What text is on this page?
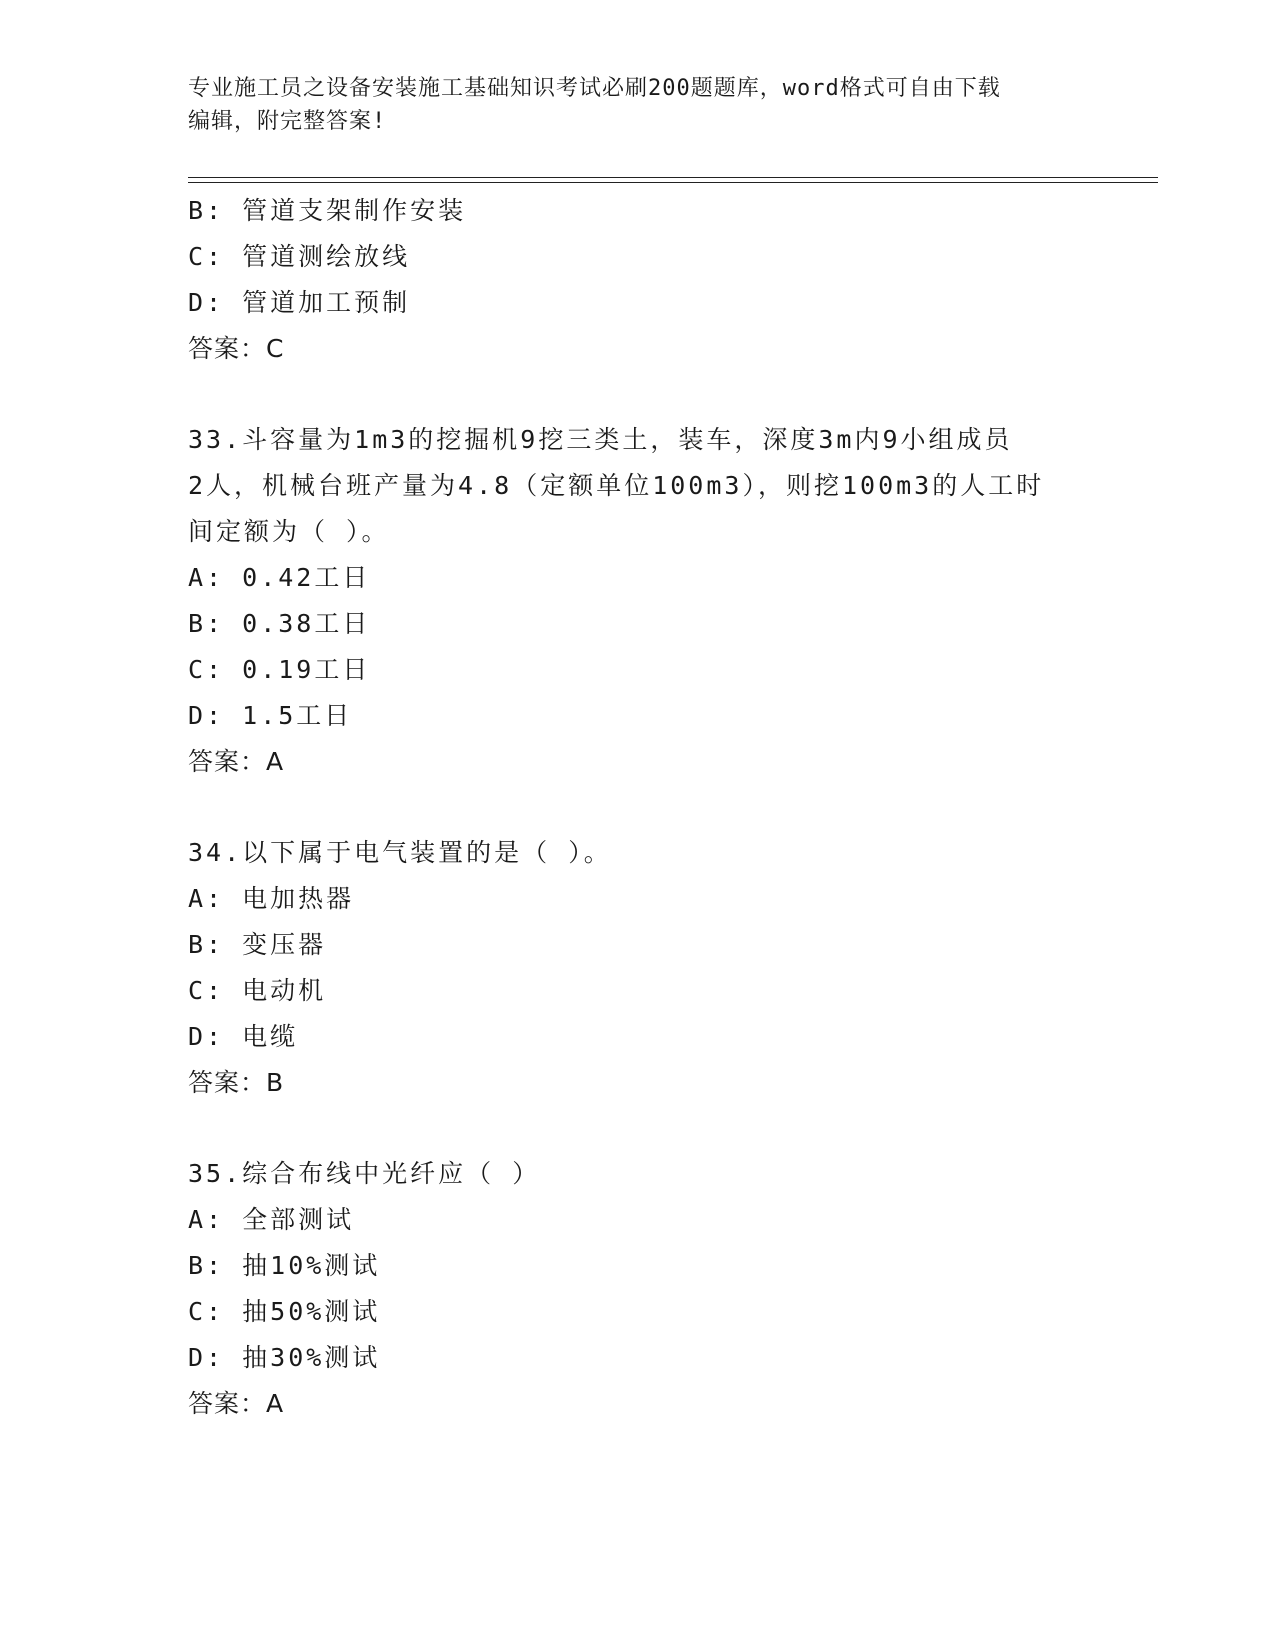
专业施工员之设备安装施工基础知识考试必刷200题题库，word格式可自由下载
编辑，附完整答案!
B: 管道支架制作安装
C: 管道测绘放线
D: 管道加工预制
答案：C
33.斗容量为1m3的挖掘机9挖三类土，装车，深度3m内9小组成员
2人，机械台班产量为4.8（定额单位100m3），则挖100m3的人工时
间定额为（ ）。
A: 0.42工日
B: 0.38工日
C: 0.19工日
D: 1.5工日
答案：A
34.以下属于电气装置的是（ ）。
A: 电加热器
B: 变压器
C: 电动机
D: 电缆
答案：B
35.综合布线中光纤应（ ）
A: 全部测试
B: 抽10%测试
C: 抽50%测试
D: 抽30%测试
答案：A
